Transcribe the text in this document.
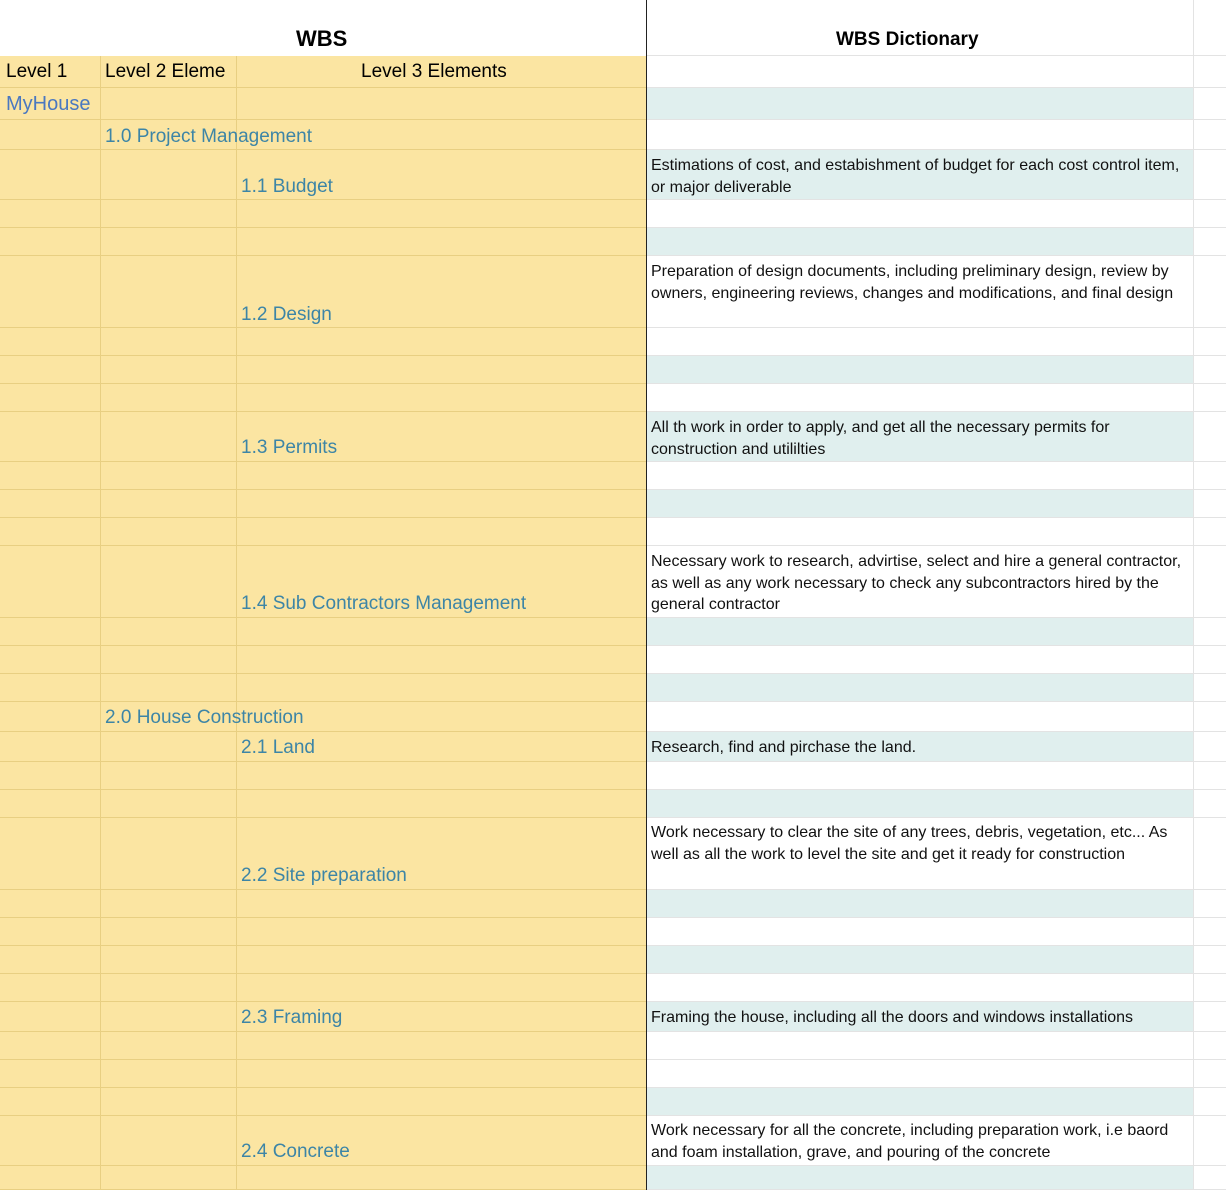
WBS	WBS Dictionary
Level 1 Level 2 Eleme	Level 3 Elements
MyHouse
1.0 Project Management
2.0 House Construction
1.1 Budget
1.2 Design
1.3 Permits
1.4 Sub Contractors Management
2.1 Land
2.2 Site preparation
2.3 Framing
2.4 Concrete
Estimations of cost, and estabishment of budget for each cost control item, or major deliverable
Preparation of design documents, including preliminary design, review by owners, engineering reviews, changes and modifications, and final design
All th work in order to apply, and get all the necessary permits for construction and utililties
Necessary work to research, advirtise, select and hire a general contractor, as well as any work necessary to check any subcontractors hired by the general contractor
Research, find and pirchase the land.
Work necessary to clear the site of any trees, debris, vegetation, etc... As well as all the work to level the site and get it ready for construction
Framing the house, including all the doors and windows installations
Work necessary for all the concrete, including preparation work, i.e baord and foam installation, grave, and pouring of the concrete
